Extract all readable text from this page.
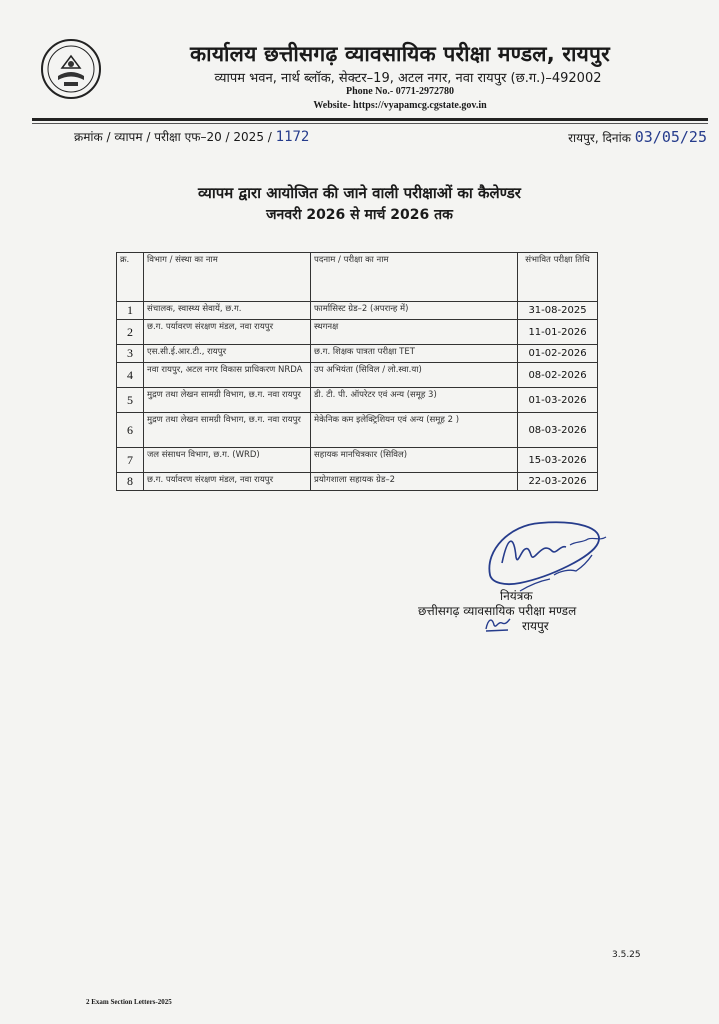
कार्यालय छत्तीसगढ़ व्यावसायिक परीक्षा मण्डल, रायपुर
व्यापम भवन, नार्थ ब्लॉक, सेक्टर–19, अटल नगर, नवा रायपुर (छ.ग.)–492002
Phone No.- 0771-2972780
Website- https://vyapamcg.cgstate.gov.in
क्रमांक / व्यापम / परीक्षा एफ–20 / 2025 / 1172	रायपुर, दिनांक 03/05/25
व्यापम द्वारा आयोजित की जाने वाली परीक्षाओं का कैलेण्डर
जनवरी 2026 से मार्च 2026 तक
क्र.	विभाग / संस्था का नाम	पदनाम / परीक्षा का नाम	संभावित परीक्षा तिथि
1	संचालक, स्वास्थ्य सेवायें, छ.ग.	फार्मासिस्ट ग्रेड–2 (अपरान्ह में)	31-08-2025
2	छ.ग. पर्यावरण संरक्षण मंडल, नवा रायपुर	स्थगनक्ष	11-01-2026
3	एस.सी.ई.आर.टी., रायपुर	छ.ग. शिक्षक पात्रता परीक्षा TET	01-02-2026
4	नवा रायपुर, अटल नगर विकास प्राधिकरण NRDA	उप अभियंता (सिविल / लो.स्वा.या)	08-02-2026
5	मुद्रण तथा लेखन सामग्री विभाग, छ.ग. नवा रायपुर	डी. टी. पी. ऑपरेटर एवं अन्य (समूह 3)	01-03-2026
6	मुद्रण तथा लेखन सामग्री विभाग, छ.ग. नवा रायपुर	मेकेनिक कम इलेक्ट्रिशियन एवं अन्य (समूह 2 )	08-03-2026
7	जल संसाधन विभाग, छ.ग. (WRD)	सहायक मानचित्रकार (सिविल)	15-03-2026
8	छ.ग. पर्यावरण संरक्षण मंडल, नवा रायपुर	प्रयोगशाला सहायक ग्रेड–2	22-03-2026
नियंत्रक
छत्तीसगढ़ व्यावसायिक परीक्षा मण्डल
रायपुर
3.5.25
2 Exam Section Letters-2025
